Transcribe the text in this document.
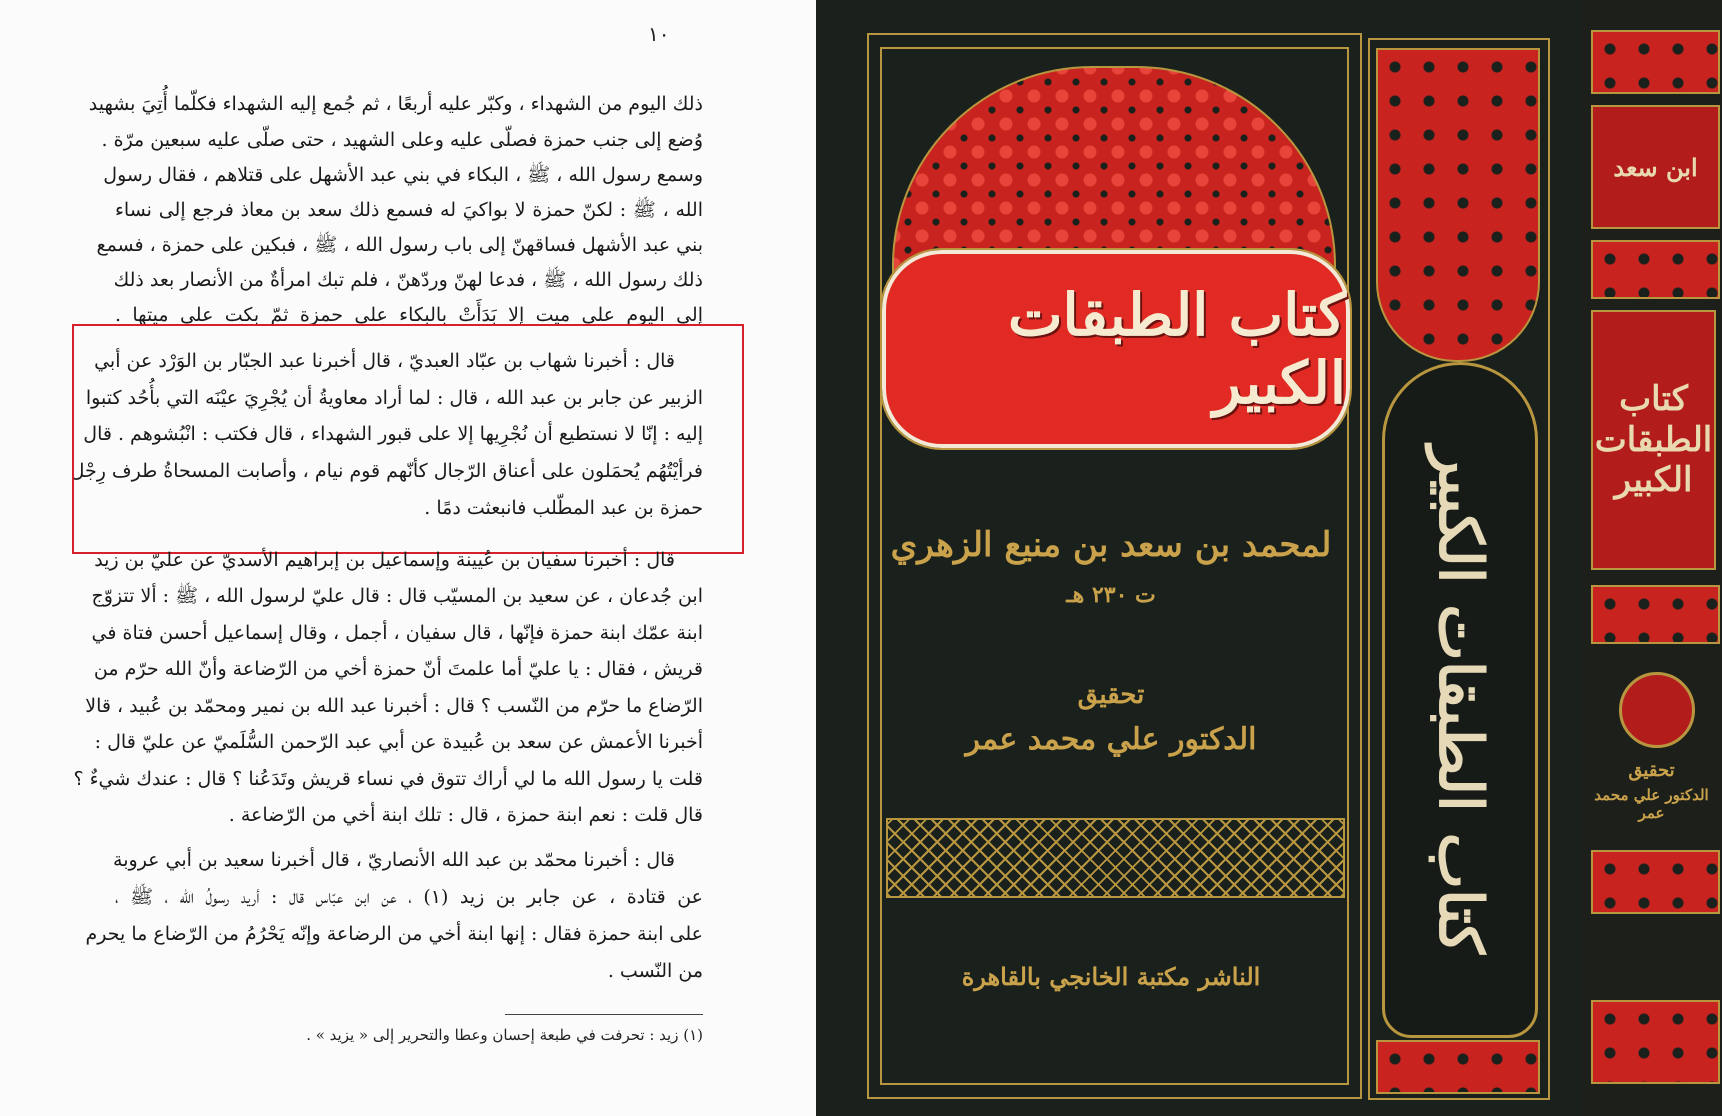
١٠
ذلك اليوم من الشهداء ، وكبّر عليه أربعًا ، ثم جُمع إليه الشهداء فكلّما أُتِيَ بشهيد
وُضع إلى جنب حمزة فصلّى عليه وعلى الشهيد ، حتى صلّى عليه سبعين مرّة .
وسمع رسول الله ، ﷺ ، البكاء في بني عبد الأشهل على قتلاهم ، فقال رسول
الله ، ﷺ : لكنّ حمزة لا بواكيَ له فسمع ذلك سعد بن معاذ فرجع إلى نساء
بني عبد الأشهل فساقهنّ إلى باب رسول الله ، ﷺ ، فبكين على حمزة ، فسمع
ذلك رسول الله ، ﷺ ، فدعا لهنّ وردّهنّ ، فلم تبك امرأةٌ من الأنصار بعد ذلك
إلى اليوم على ميت إلا بَدَأَتْ بالبكاء على حمزة ثمّ بكت على ميتها .
قال : أخبرنا شهاب بن عبّاد العبديّ ، قال أخبرنا عبد الجبّار بن الوَرْد عن أبي
الزبير عن جابر بن عبد الله ، قال : لما أراد معاويةُ أن يُجْرِيَ عيْنَه التي بأُحُد كتبوا
إليه : إنّا لا نستطيع أن نُجْرِيها إلا على قبور الشهداء ، قال فكتب : انْبُشوهم . قال
فرأيْتُهُم يُحمَلون على أعناق الرّجال كأنّهم قوم نيام ، وأصابت المسحاةُ طرف رِجْل
حمزة بن عبد المطّلب فانبعثت دمًا .
قال : أخبرنا سفيان بن عُيينة وإسماعيل بن إبراهيم الأسديّ عن عليّ بن زيد
ابن جُدعان ، عن سعيد بن المسيّب قال : قال عليّ لرسول الله ، ﷺ : ألا تتزوّج
ابنة عمّك ابنة حمزة فإنّها ، قال سفيان ، أجمل ، وقال إسماعيل أحسن فتاة في
قريش ، فقال : يا عليّ أما علمتَ أنّ حمزة أخي من الرّضاعة وأنّ الله حرّم من
الرّضاع ما حرّم من النّسب ؟ قال : أخبرنا عبد الله بن نمير ومحمّد بن عُبيد ، قالا
أخبرنا الأعمش عن سعد بن عُبيدة عن أبي عبد الرّحمن السُّلَميّ عن عليّ قال :
قلت يا رسول الله ما لي أراك تتوق في نساء قريش وتَدَعُنا ؟ قال : عندك شيءٌ ؟
قال قلت : نعم ابنة حمزة ، قال : تلك ابنة أخي من الرّضاعة .
قال : أخبرنا محمّد بن عبد الله الأنصاريّ ، قال أخبرنا سعيد بن أبي عروبة
عن قتادة ، عن جابر بن زيد (١) ، عن ابن عبّاس قال : أريد رسولُ الله ، ﷺ ،
على ابنة حمزة فقال : إنها ابنة أخي من الرضاعة وإنّه يَحْرُمُ من الرّضاع ما يحرم
من النّسب .
(١) زيد : تحرفت في طبعة إحسان وعطا والتحرير إلى « يزيد » .
كتاب الطبقات الكبير
لمحمد بن سعد بن منيع الزهري
ت ٢٣٠ هـ
تحقيق
الدكتور علي محمد عمر
الناشر مكتبة الخانجي بالقاهرة
كتاب الطبقات الكبير
ابن سعد
كتاب الطبقات الكبير
تحقيق
الدكتور علي محمد عمر
